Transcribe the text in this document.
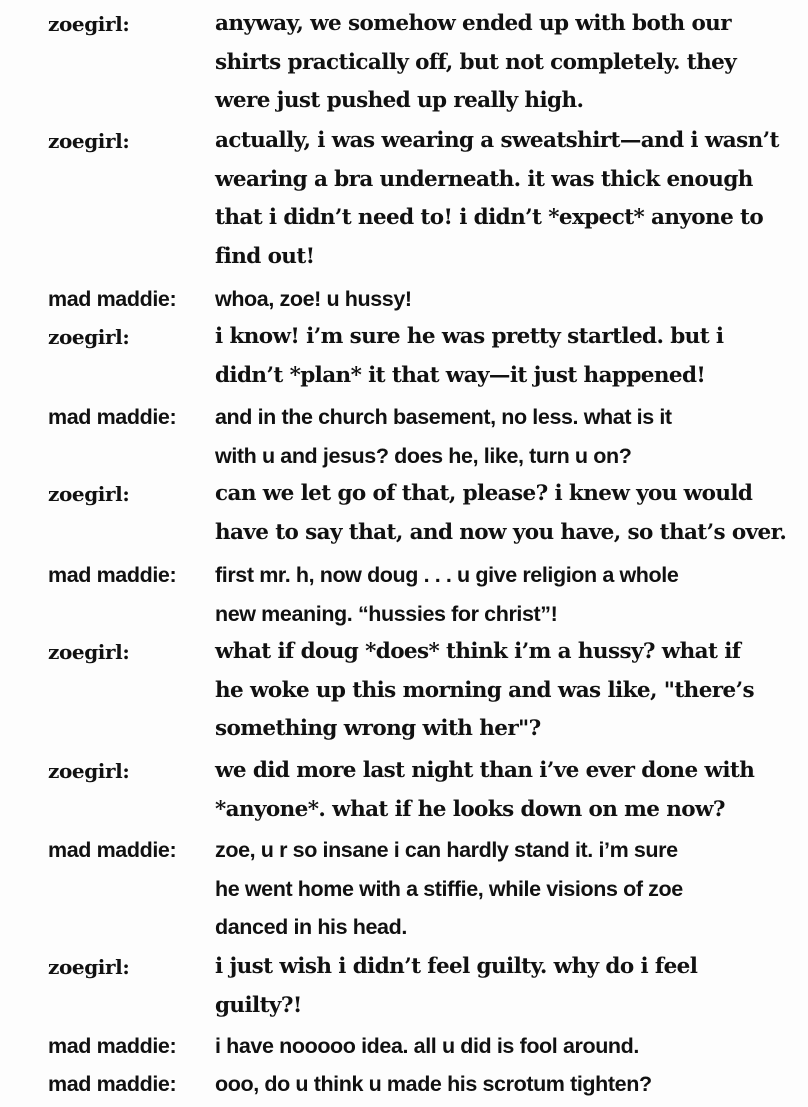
zoegirl:	anyway, we somehow ended up with both our
shirts practically off, but not completely. they
were just pushed up really high.
zoegirl:	actually, i was wearing a sweatshirt—and i wasn’t
wearing a bra underneath. it was thick enough
that i didn’t need to! i didn’t *expect* anyone to
find out!
mad maddie:	whoa, zoe! u hussy!
zoegirl:	i know! i’m sure he was pretty startled. but i
didn’t *plan* it that way—it just happened!
mad maddie:	and in the church basement, no less. what is it
with u and jesus? does he, like, turn u on?
zoegirl:	can we let go of that, please? i knew you would
have to say that, and now you have, so that’s over.
mad maddie:	first mr. h, now doug . . . u give religion a whole
new meaning. “hussies for christ”!
zoegirl:	what if doug *does* think i’m a hussy? what if
he woke up this morning and was like, "there’s
something wrong with her"?
zoegirl:	we did more last night than i’ve ever done with
*anyone*. what if he looks down on me now?
mad maddie:	zoe, u r so insane i can hardly stand it. i’m sure
he went home with a stiffie, while visions of zoe
danced in his head.
zoegirl:	i just wish i didn’t feel guilty. why do i feel
guilty?!
mad maddie:	i have nooooo idea. all u did is fool around.
mad maddie:	ooo, do u think u made his scrotum tighten?
